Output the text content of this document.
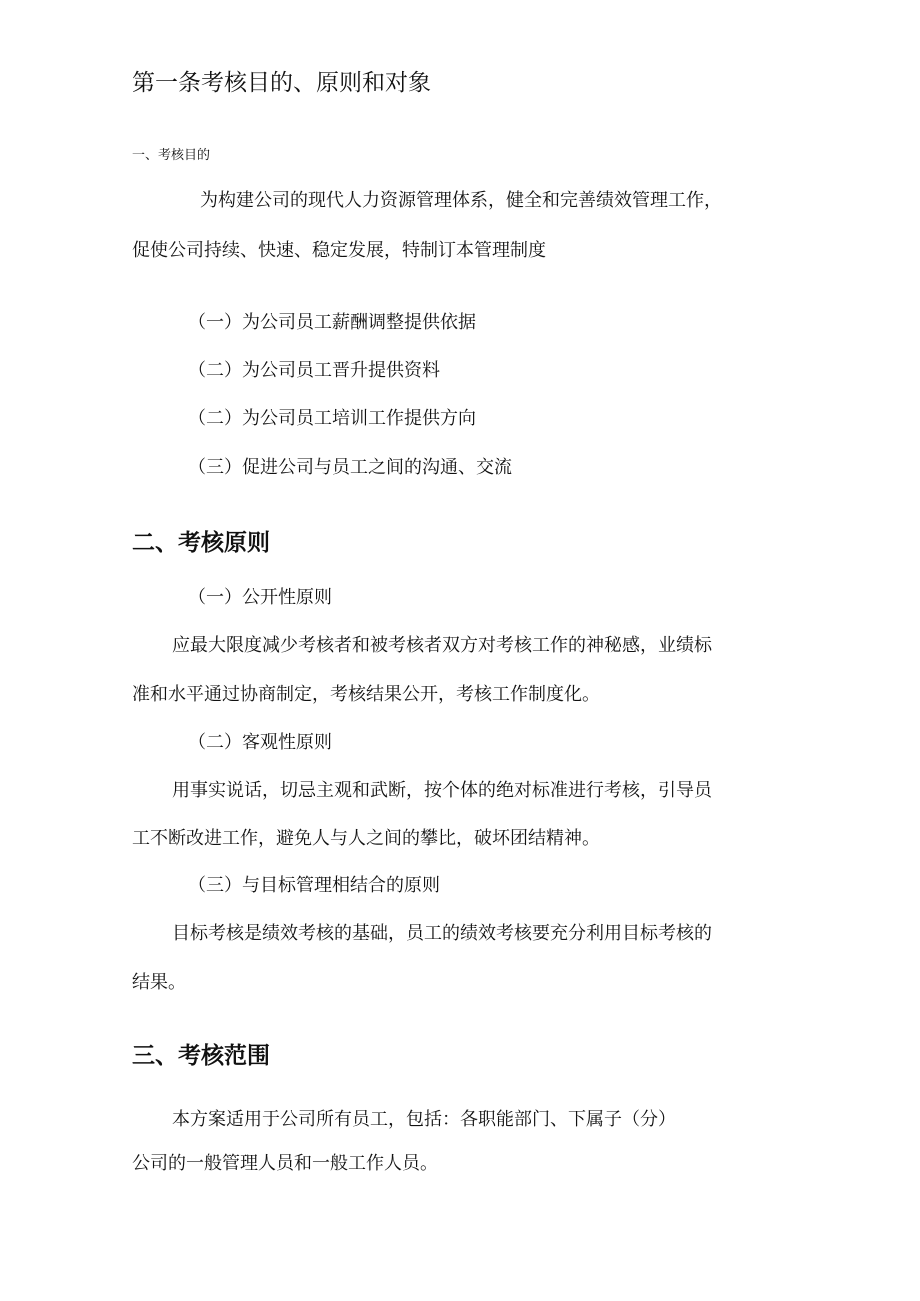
第一条考核目的、原则和对象
一、考核目的
为构建公司的现代人力资源管理体系，健全和完善绩效管理工作，
促使公司持续、快速、稳定发展，特制订本管理制度
（一）为公司员工薪酬调整提供依据
（二）为公司员工晋升提供资料
（二）为公司员工培训工作提供方向
（三）促进公司与员工之间的沟通、交流
二、考核原则
（一）公开性原则
应最大限度减少考核者和被考核者双方对考核工作的神秘感，业绩标
准和水平通过协商制定，考核结果公开，考核工作制度化。
（二）客观性原则
用事实说话，切忌主观和武断，按个体的绝对标准进行考核，引导员
工不断改进工作，避免人与人之间的攀比，破坏团结精神。
（三）与目标管理相结合的原则
目标考核是绩效考核的基础，员工的绩效考核要充分利用目标考核的
结果。
三、考核范围
本方案适用于公司所有员工，包括：各职能部门、下属子（分）
公司的一般管理人员和一般工作人员。
